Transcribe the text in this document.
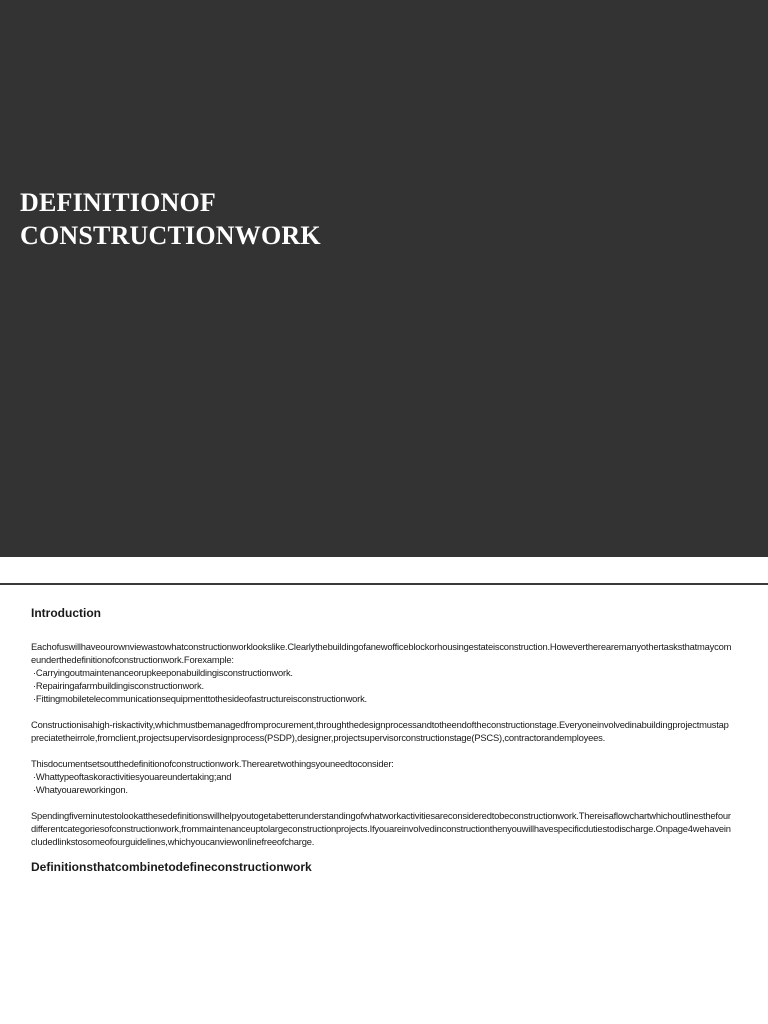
DEFINITIONOF
CONSTRUCTIONWORK
Introduction

Eachofuswillhaveourownviewastowhatconstructionworklookslike.Clearlythebuildingofanewofficeblockorhousingestateisconstruction.Howevertherearemanyothertasksthatmaycomeunderthedefinitionofconstructionwork.Forexample:
·Carryingoutmaintenanceorupkeeponabuildingisconstructionwork.
·Repairingafarmbuildingisconstructionwork.
·Fittingmobiletelecommunicationsequipmenttothesideofastructureisconstructionwork.

Constructionisahigh-riskactivity,whichmustbemanagedfromprocurement,throughthedesignprocessandtotheendoftheconstructionstage.Everyoneinvolvedinabuildingprojectmustappreciatetheirrole,fromclient,projectsupervisordesignprocess(PSDP),designer,projectsupervisorconstructionstage(PSCS),contractorandemployees.

Thisdocumentsetsoutthedefinitionofconstructionwork.Therearetwothingsyouneedtoconsider:
·Whattypeoftaskoractivitiesyouareundertaking;and
·Whatyouareworkingon.

Spendingfiveminutestolookatthesedefinitionswillhelpyoutogetabetterunderstandingofwhatworkactivitiesareconsideredtobeconstructionwork.Thereisaflowchartwhichoutlinesthefourdifferentcategoriesofconstructionwork,frommaintenanceuptolargeconstructionprojects.Ifyouareinvolvedinconstructionthenyouwillhavespecificdutiestodischarge.Onpage4wehaveincludedlinkstosomeofourguidelines,whichyoucanviewonlinefreeofcharge.

Definitionsthatcombinetodefineconstructionwork
